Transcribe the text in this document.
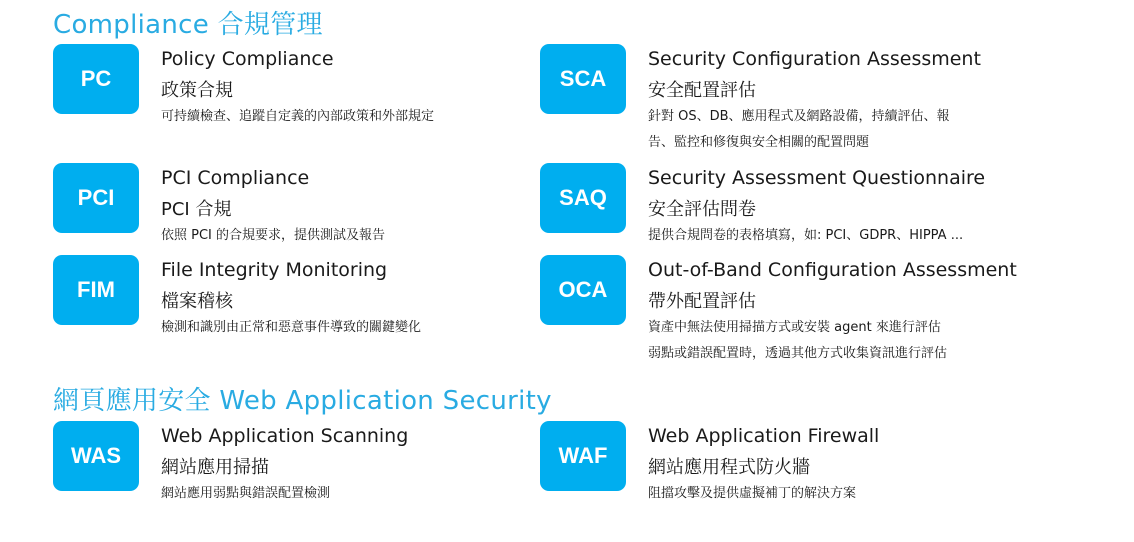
Compliance 合規管理
網頁應用安全 Web Application Security
PC
Policy Compliance
政策合規
可持續檢查、追蹤自定義的內部政策和外部規定
SCA
Security Configuration Assessment
安全配置評估
針對 OS、DB、應用程式及網路設備，持續評估、報
告、監控和修復與安全相關的配置問題
PCI
PCI Compliance
PCI 合規
依照 PCI 的合規要求，提供測試及報告
SAQ
Security Assessment Questionnaire
安全評估問卷
提供合規問卷的表格填寫，如: PCI、GDPR、HIPPA ...
FIM
File Integrity Monitoring
檔案稽核
檢測和識別由正常和惡意事件導致的關鍵變化
OCA
Out-of-Band Configuration Assessment
帶外配置評估
資產中無法使用掃描方式或安裝 agent 來進行評估
弱點或錯誤配置時，透過其他方式收集資訊進行評估
WAS
Web Application Scanning
網站應用掃描
網站應用弱點與錯誤配置檢測
WAF
Web Application Firewall
網站應用程式防火牆
阻擋攻擊及提供虛擬補丁的解決方案
